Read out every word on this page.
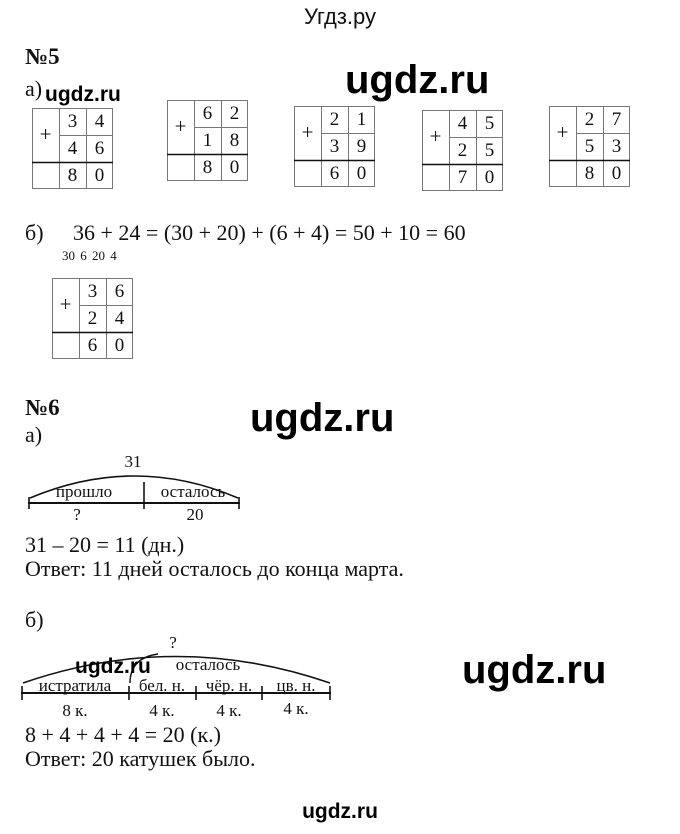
Угдз.ру
№5
а) ugdz.ru	ugdz.ru
+
3 4
4 6
8 0
+
6 2
1 8
8 0
+
2 1
3 9
6 0
+
4 5
2 5
7 0
+
2 7
5 3
8 0
б) 36 + 24 = (30 + 20) + (6 + 4) = 50 + 10 = 60
30 6 20 4
+
3 6
2 4
6 0
№6	ugdz.ru
а)
31
прошло	осталось
?	20
31 – 20 = 11 (дн.)
Ответ: 11 дней осталось до конца марта.
б)
?
осталось
ugdz.ru
истратила	бел. н.	чёр. н.	цв. н.
8 к.	4 к.	4 к.	4 к.
ugdz.ru
8 + 4 + 4 + 4 = 20 (к.)
Ответ: 20 катушек было.
ugdz.ru
